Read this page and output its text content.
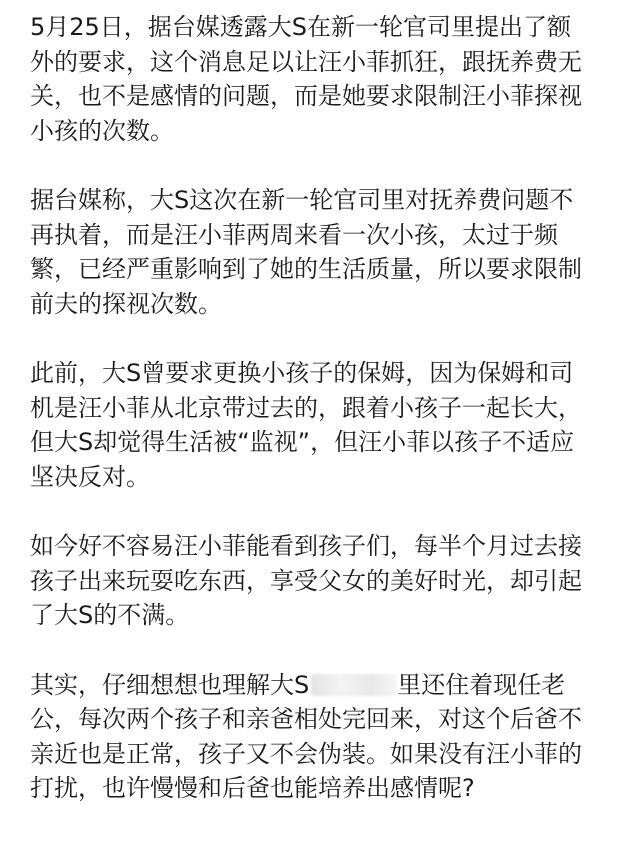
5月25日，据台媒透露大S在新一轮官司里提出了额
外的要求，这个消息足以让汪小菲抓狂，跟抚养费无
关，也不是感情的问题，而是她要求限制汪小菲探视
小孩的次数。

据台媒称，大S这次在新一轮官司里对抚养费问题不
再执着，而是汪小菲两周来看一次小孩，太过于频
繁，已经严重影响到了她的生活质量，所以要求限制
前夫的探视次数。

此前，大S曾要求更换小孩子的保姆，因为保姆和司
机是汪小菲从北京带过去的，跟着小孩子一起长大，
但大S却觉得生活被“监视”，但汪小菲以孩子不适应
坚决反对。

如今好不容易汪小菲能看到孩子们，每半个月过去接
孩子出来玩耍吃东西，享受父女的美好时光，却引起
了大S的不满。

其实，仔细想想也理解大S	里还住着现任老
公，每次两个孩子和亲爸相处完回来，对这个后爸不
亲近也是正常，孩子又不会伪装。如果没有汪小菲的
打扰，也许慢慢和后爸也能培养出感情呢?
